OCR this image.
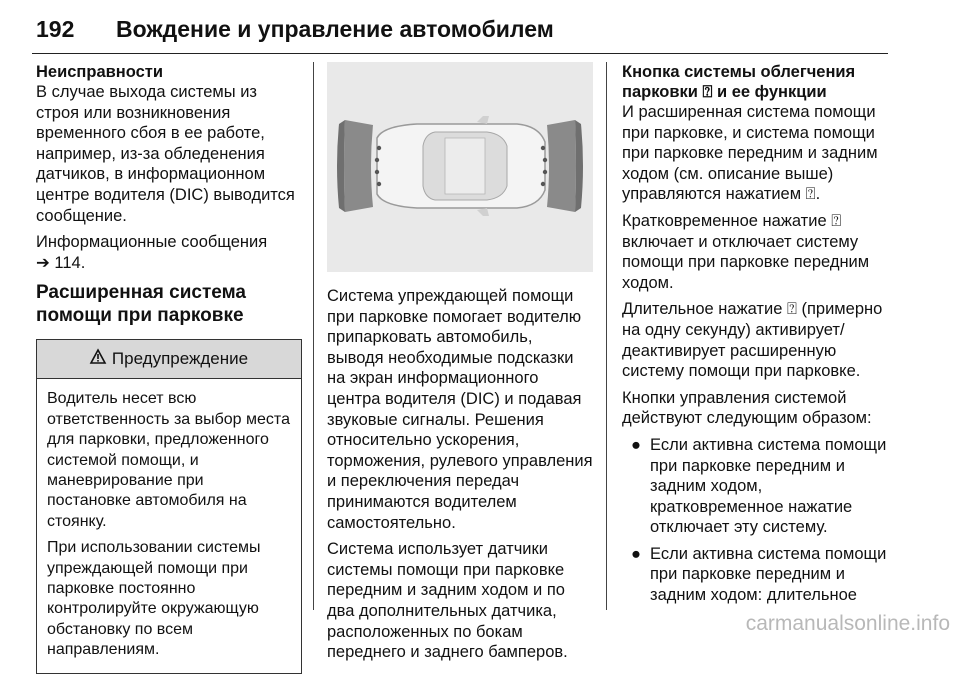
192 Вождение и управление автомобилем
Неисправности
В случае выхода системы из строя или возникновения временного сбоя в ее работе, например, из-за обледенения датчиков, в информационном центре водителя (DIC) выводится сообщение.
Информационные сообщения
➔ 114.
Расширенная система помощи при парковке
Предупреждение
Водитель несет всю ответственность за выбор места для парковки, предложенного системой помощи, и маневрирование при постановке автомобиля на стоянку.
При использовании системы упреждающей помощи при парковке постоянно контролируйте окружающую обстановку по всем направлениям.
Система упреждающей помощи при парковке помогает водителю припарковать автомобиль, выводя необходимые подсказки на экран информационного центра водителя (DIC) и подавая звуковые сигналы. Решения относительно ускорения, торможения, рулевого управления и переключения передач принимаются водителем самостоятельно.
Система использует датчики системы помощи при парковке передним и задним ходом и по два дополнительных датчика, расположенных по бокам переднего и заднего бамперов.
Кнопка системы облегчения
парковки ⍰ и ее функции
И расширенная система помощи при парковке, и система помощи при парковке передним и задним ходом (см. описание выше) управляются нажатием ⍰.
Кратковременное нажатие ⍰ включает и отключает систему помощи при парковке передним ходом.
Длительное нажатие ⍰ (примерно на одну секунду) активирует/деактивирует расширенную систему помощи при парковке.
Кнопки управления системой действуют следующим образом:
● Если активна система помощи при парковке передним и задним ходом, кратковременное нажатие отключает эту систему.
● Если активна система помощи при парковке передним и задним ходом: длительное
carmanualsonline.info
